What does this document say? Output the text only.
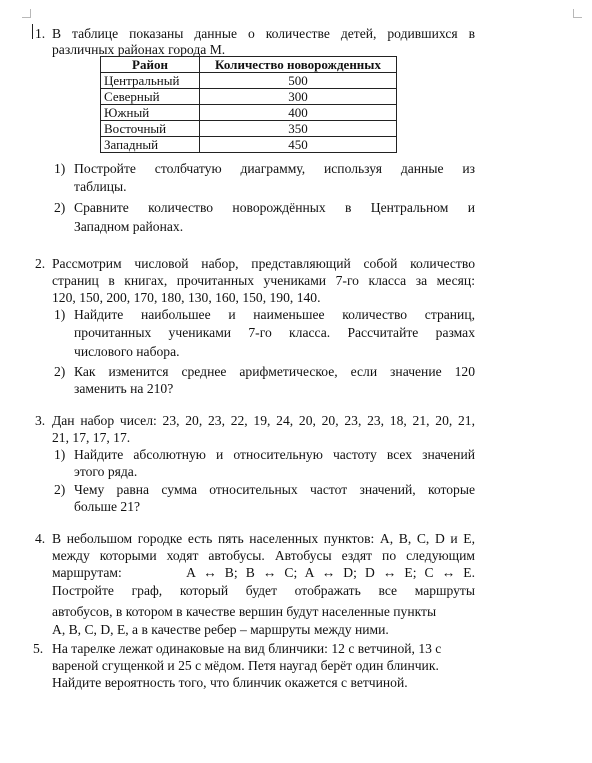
1. В таблице показаны данные о количестве детей, родившихся в
различных районах города М.
Район	Количество новорожденных
Центральный	500
Северный	300
Южный	400
Восточный	350
Западный	450
1) Постройте столбчатую диаграмму, используя данные из
таблицы.
2) Сравните количество новорождённых в Центральном и
Западном районах.
2. Рассмотрим числовой набор, представляющий собой количество
страниц в книгах, прочитанных учениками 7-го класса за месяц:
120, 150, 200, 170, 180, 130, 160, 150, 190, 140.
1) Найдите наибольшее и наименьшее количество страниц,
прочитанных учениками 7-го класса. Рассчитайте размах
числового набора.
2) Как изменится среднее арифметическое, если значение 120
заменить на 210?
3. Дан набор чисел: 23, 20, 23, 22, 19, 24, 20, 20, 23, 23, 18, 21, 20, 21,
21, 17, 17, 17.
1) Найдите абсолютную и относительную частоту всех значений
этого ряда.
2) Чему равна сумма относительных частот значений, которые
больше 21?
4. В небольшом городке есть пять населенных пунктов: A, B, C, D и E,
между которыми ходят автобусы. Автобусы ездят по следующим
маршрутам:        A ↔ B; B ↔ C; A ↔ D; D ↔ E; C ↔ E.
Постройте граф, который будет отображать все маршруты
автобусов, в котором в качестве вершин будут населенные пункты
A, B, C, D, E, а в качестве ребер – маршруты между ними.
5. На тарелке лежат одинаковые на вид блинчики: 12 с ветчиной, 13 с
вареной сгущенкой и 25 с мёдом. Петя наугад берёт один блинчик.
Найдите вероятность того, что блинчик окажется с ветчиной.
